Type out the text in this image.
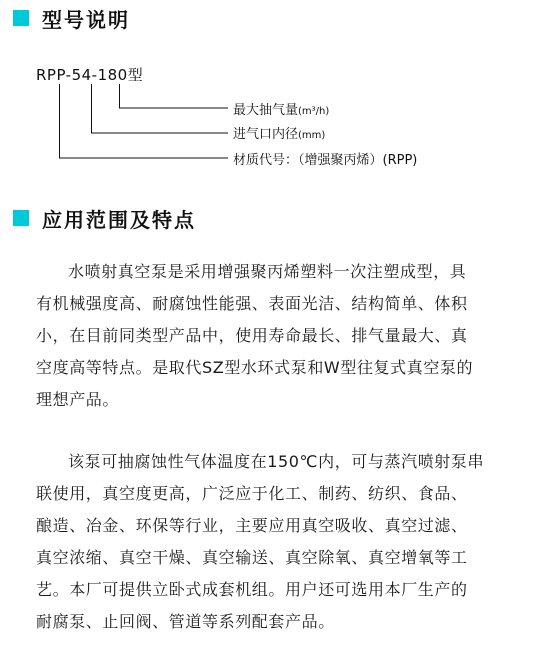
型号说明
RPP-54-180型
最大抽气量(m³/h)
进气口内径(mm)
材质代号：（增强聚丙烯）(RPP)
应用范围及特点
水喷射真空泵是采用增强聚丙烯塑料一次注塑成型，具
有机械强度高、耐腐蚀性能强、表面光洁、结构简单、体积
小，在目前同类型产品中，使用寿命最长、排气量最大、真
空度高等特点。是取代SZ型水环式泵和W型往复式真空泵的
理想产品。
该泵可抽腐蚀性气体温度在150℃内，可与蒸汽喷射泵串
联使用，真空度更高，广泛应于化工、制药、纺织、食品、
酿造、冶金、环保等行业，主要应用真空吸收、真空过滤、
真空浓缩、真空干燥、真空输送、真空除氧、真空增氧等工
艺。本厂可提供立卧式成套机组。用户还可选用本厂生产的
耐腐泵、止回阀、管道等系列配套产品。
